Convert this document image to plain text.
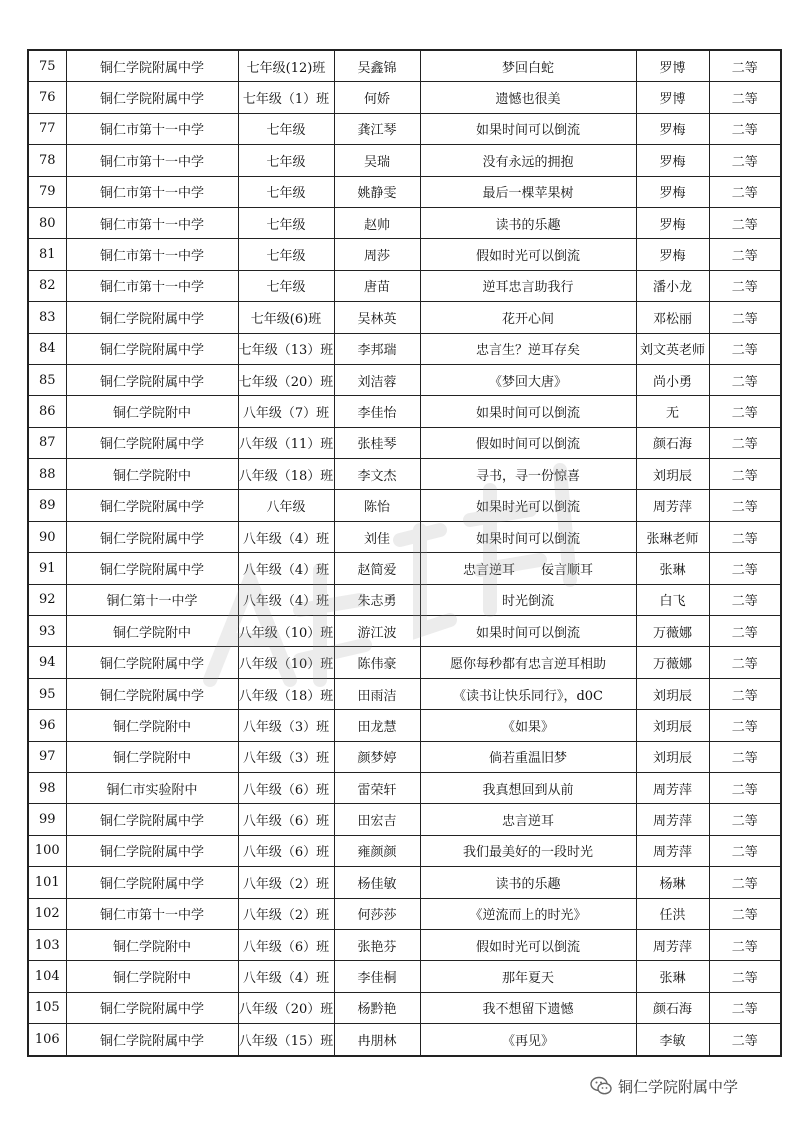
75	铜仁学院附属中学	七年级(12)班	吴鑫锦	梦回白蛇	罗博	二等
76	铜仁学院附属中学	七年级（1）班	何娇	遗憾也很美	罗博	二等
77	铜仁市第十一中学	七年级	龚江琴	如果时间可以倒流	罗梅	二等
78	铜仁市第十一中学	七年级	吴瑞	没有永远的拥抱	罗梅	二等
79	铜仁市第十一中学	七年级	姚静雯	最后一棵苹果树	罗梅	二等
80	铜仁市第十一中学	七年级	赵帅	读书的乐趣	罗梅	二等
81	铜仁市第十一中学	七年级	周莎	假如时光可以倒流	罗梅	二等
82	铜仁市第十一中学	七年级	唐苗	逆耳忠言助我行	潘小龙	二等
83	铜仁学院附属中学	七年级(6)班	吴林英	花开心间	邓松丽	二等
84	铜仁学院附属中学	七年级（13）班	李邦瑞	忠言生？逆耳存矣	刘文英老师	二等
85	铜仁学院附属中学	七年级（20）班	刘洁蓉	《梦回大唐》	尚小勇	二等
86	铜仁学院附中	八年级（7）班	李佳怡	如果时间可以倒流	无	二等
87	铜仁学院附属中学	八年级（11）班	张桂琴	假如时间可以倒流	颜石海	二等
88	铜仁学院附中	八年级（18）班	李文杰	寻书，寻一份惊喜	刘玥辰	二等
89	铜仁学院附属中学	八年级	陈怡	如果时光可以倒流	周芳萍	二等
90	铜仁学院附属中学	八年级（4）班	刘佳	如果时间可以倒流	张琳老师	二等
91	铜仁学院附属中学	八年级（4）班	赵简爱	忠言逆耳　　佞言顺耳	张琳	二等
92	铜仁第十一中学	八年级（4）班	朱志勇	时光倒流	白飞	二等
93	铜仁学院附中	八年级（10）班	游江波	如果时间可以倒流	万薇娜	二等
94	铜仁学院附属中学	八年级（10）班	陈伟豪	愿你每秒都有忠言逆耳相助	万薇娜	二等
95	铜仁学院附属中学	八年级（18）班	田雨洁	《读书让快乐同行》，d0C	刘玥辰	二等
96	铜仁学院附中	八年级（3）班	田龙慧	《如果》	刘玥辰	二等
97	铜仁学院附中	八年级（3）班	颜梦婷	倘若重温旧梦	刘玥辰	二等
98	铜仁市实验附中	八年级（6）班	雷荣轩	我真想回到从前	周芳萍	二等
99	铜仁学院附属中学	八年级（6）班	田宏吉	忠言逆耳	周芳萍	二等
100	铜仁学院附属中学	八年级（6）班	雍颜颜	我们最美好的一段时光	周芳萍	二等
101	铜仁学院附属中学	八年级（2）班	杨佳敏	读书的乐趣	杨琳	二等
102	铜仁市第十一中学	八年级（2）班	何莎莎	《逆流而上的时光》	任洪	二等
103	铜仁学院附中	八年级（6）班	张艳芬	假如时光可以倒流	周芳萍	二等
104	铜仁学院附中	八年级（4）班	李佳桐	那年夏天	张琳	二等
105	铜仁学院附属中学	八年级（20）班	杨黔艳	我不想留下遗憾	颜石海	二等
106	铜仁学院附属中学	八年级（15）班	冉朋林	《再见》	李敏	二等
铜仁学院附属中学
